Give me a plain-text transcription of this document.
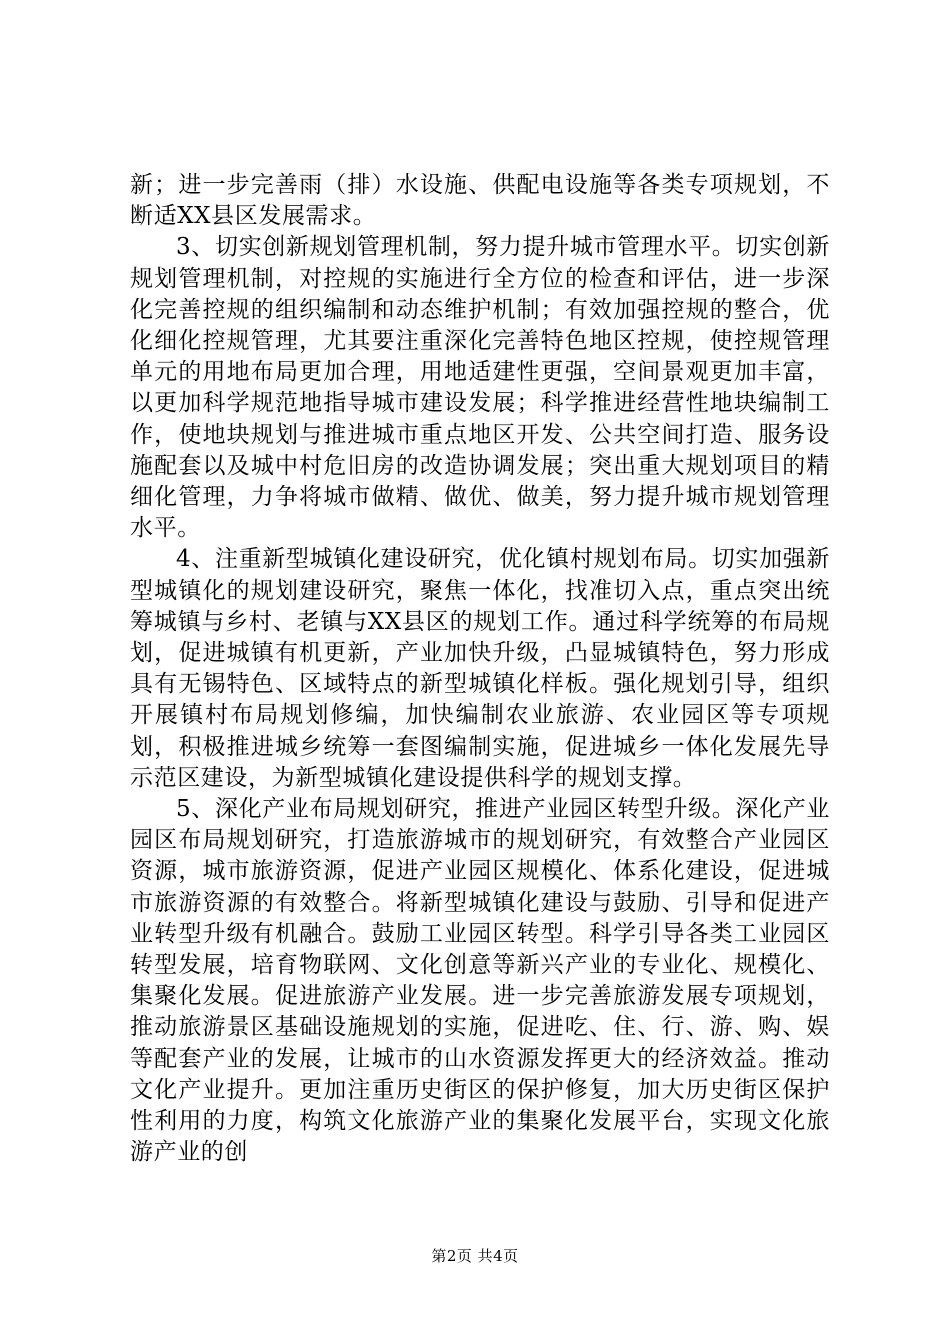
新；进一步完善雨（排）水设施、供配电设施等各类专项规划，不断适XX县区发展需求。

3、切实创新规划管理机制，努力提升城市管理水平。切实创新规划管理机制，对控规的实施进行全方位的检查和评估，进一步深化完善控规的组织编制和动态维护机制；有效加强控规的整合，优化细化控规管理，尤其要注重深化完善特色地区控规，使控规管理单元的用地布局更加合理，用地适建性更强，空间景观更加丰富，以更加科学规范地指导城市建设发展；科学推进经营性地块编制工作，使地块规划与推进城市重点地区开发、公共空间打造、服务设施配套以及城中村危旧房的改造协调发展；突出重大规划项目的精细化管理，力争将城市做精、做优、做美，努力提升城市规划管理水平。

4、注重新型城镇化建设研究，优化镇村规划布局。切实加强新型城镇化的规划建设研究，聚焦一体化，找准切入点，重点突出统筹城镇与乡村、老镇与XX县区的规划工作。通过科学统筹的布局规划，促进城镇有机更新，产业加快升级，凸显城镇特色，努力形成具有无锡特色、区域特点的新型城镇化样板。强化规划引导，组织开展镇村布局规划修编，加快编制农业旅游、农业园区等专项规划，积极推进城乡统筹一套图编制实施，促进城乡一体化发展先导示范区建设，为新型城镇化建设提供科学的规划支撑。

5、深化产业布局规划研究，推进产业园区转型升级。深化产业园区布局规划研究，打造旅游城市的规划研究，有效整合产业园区资源，城市旅游资源，促进产业园区规模化、体系化建设，促进城市旅游资源的有效整合。将新型城镇化建设与鼓励、引导和促进产业转型升级有机融合。鼓励工业园区转型。科学引导各类工业园区转型发展，培育物联网、文化创意等新兴产业的专业化、规模化、集聚化发展。促进旅游产业发展。进一步完善旅游发展专项规划，推动旅游景区基础设施规划的实施，促进吃、住、行、游、购、娱等配套产业的发展，让城市的山水资源发挥更大的经济效益。推动文化产业提升。更加注重历史街区的保护修复，加大历史街区保护性利用的力度，构筑文化旅游产业的集聚化发展平台，实现文化旅游产业的创

第2页 共4页
